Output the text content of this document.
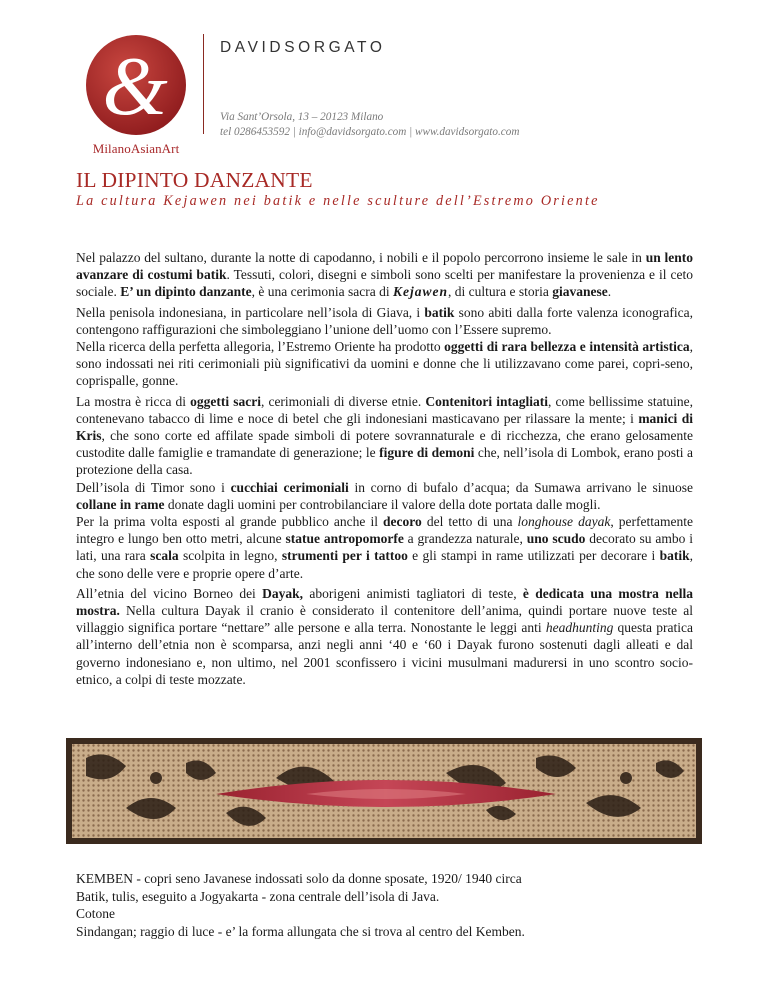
&
MilanoAsianArt
DAVIDSORGATO
Via Sant’Orsola, 13 – 20123 Milano
tel 0286453592 | info@davidsorgato.com | www.davidsorgato.com
IL DIPINTO DANZANTE
La cultura Kejawen nei batik e nelle sculture dell’Estremo Oriente

Nel palazzo del sultano, durante la notte di capodanno, i nobili e il popolo percorrono insieme le sale in un lento avanzare di costumi batik. Tessuti, colori, disegni e simboli sono scelti per manifestare la provenienza e il ceto sociale. E’ un dipinto danzante, è una cerimonia sacra di Kejawen, di cultura e storia giavanese.

Nella penisola indonesiana, in particolare nell’isola di Giava, i batik sono abiti dalla forte valenza iconografica, contengono raffigurazioni che simboleggiano l’unione dell’uomo con l’Essere supremo.

Nella ricerca della perfetta allegoria, l’Estremo Oriente ha prodotto oggetti di rara bellezza e intensità artistica, sono indossati nei riti cerimoniali più significativi da uomini e donne che li utilizzavano come parei, copri-seno, coprispalle, gonne.

La mostra è ricca di oggetti sacri, cerimoniali di diverse etnie. Contenitori intagliati, come bellissime statuine, contenevano tabacco di lime e noce di betel che gli indonesiani masticavano per rilassare la mente; i manici di Kris, che sono corte ed affilate spade simboli di potere sovrannaturale e di ricchezza, che erano gelosamente custodite dalle famiglie e tramandate di generazione; le figure di demoni che, nell’isola di Lombok, erano posti a protezione della casa.

Dell’isola di Timor sono i cucchiai cerimoniali in corno di bufalo d’acqua; da Sumawa arrivano le sinuose collane in rame donate dagli uomini per controbilanciare il valore della dote portata dalle mogli.

Per la prima volta esposti al grande pubblico anche il decoro del tetto di una longhouse dayak, perfettamente integro e lungo ben otto metri, alcune statue antropomorfe a grandezza naturale, uno scudo decorato su ambo i lati, una rara scala scolpita in legno, strumenti per i tattoo e gli stampi in rame utilizzati per decorare i batik, che sono delle vere e proprie opere d’arte.

All’etnia del vicino Borneo dei Dayak, aborigeni animisti tagliatori di teste, è dedicata una mostra nella mostra. Nella cultura Dayak il cranio è considerato il contenitore dell’anima, quindi portare nuove teste al villaggio significa portare “nettare” alle persone e alla terra. Nonostante le leggi anti headhunting questa pratica all’interno dell’etnia non è scomparsa, anzi negli anni ‘40 e ‘60 i Dayak furono sostenuti dagli alleati e dal governo indonesiano e, non ultimo, nel 2001 sconfissero i vicini musulmani madurersi in uno scontro socio-etnico, a colpi di teste mozzate.

KEMBEN - copri seno Javanese indossati solo da donne sposate, 1920/ 1940 circa
Batik, tulis, eseguito a Jogyakarta - zona centrale dell’isola di Java.
Cotone
Sindangan; raggio di luce - e’ la forma allungata che si trova al centro del Kemben.
